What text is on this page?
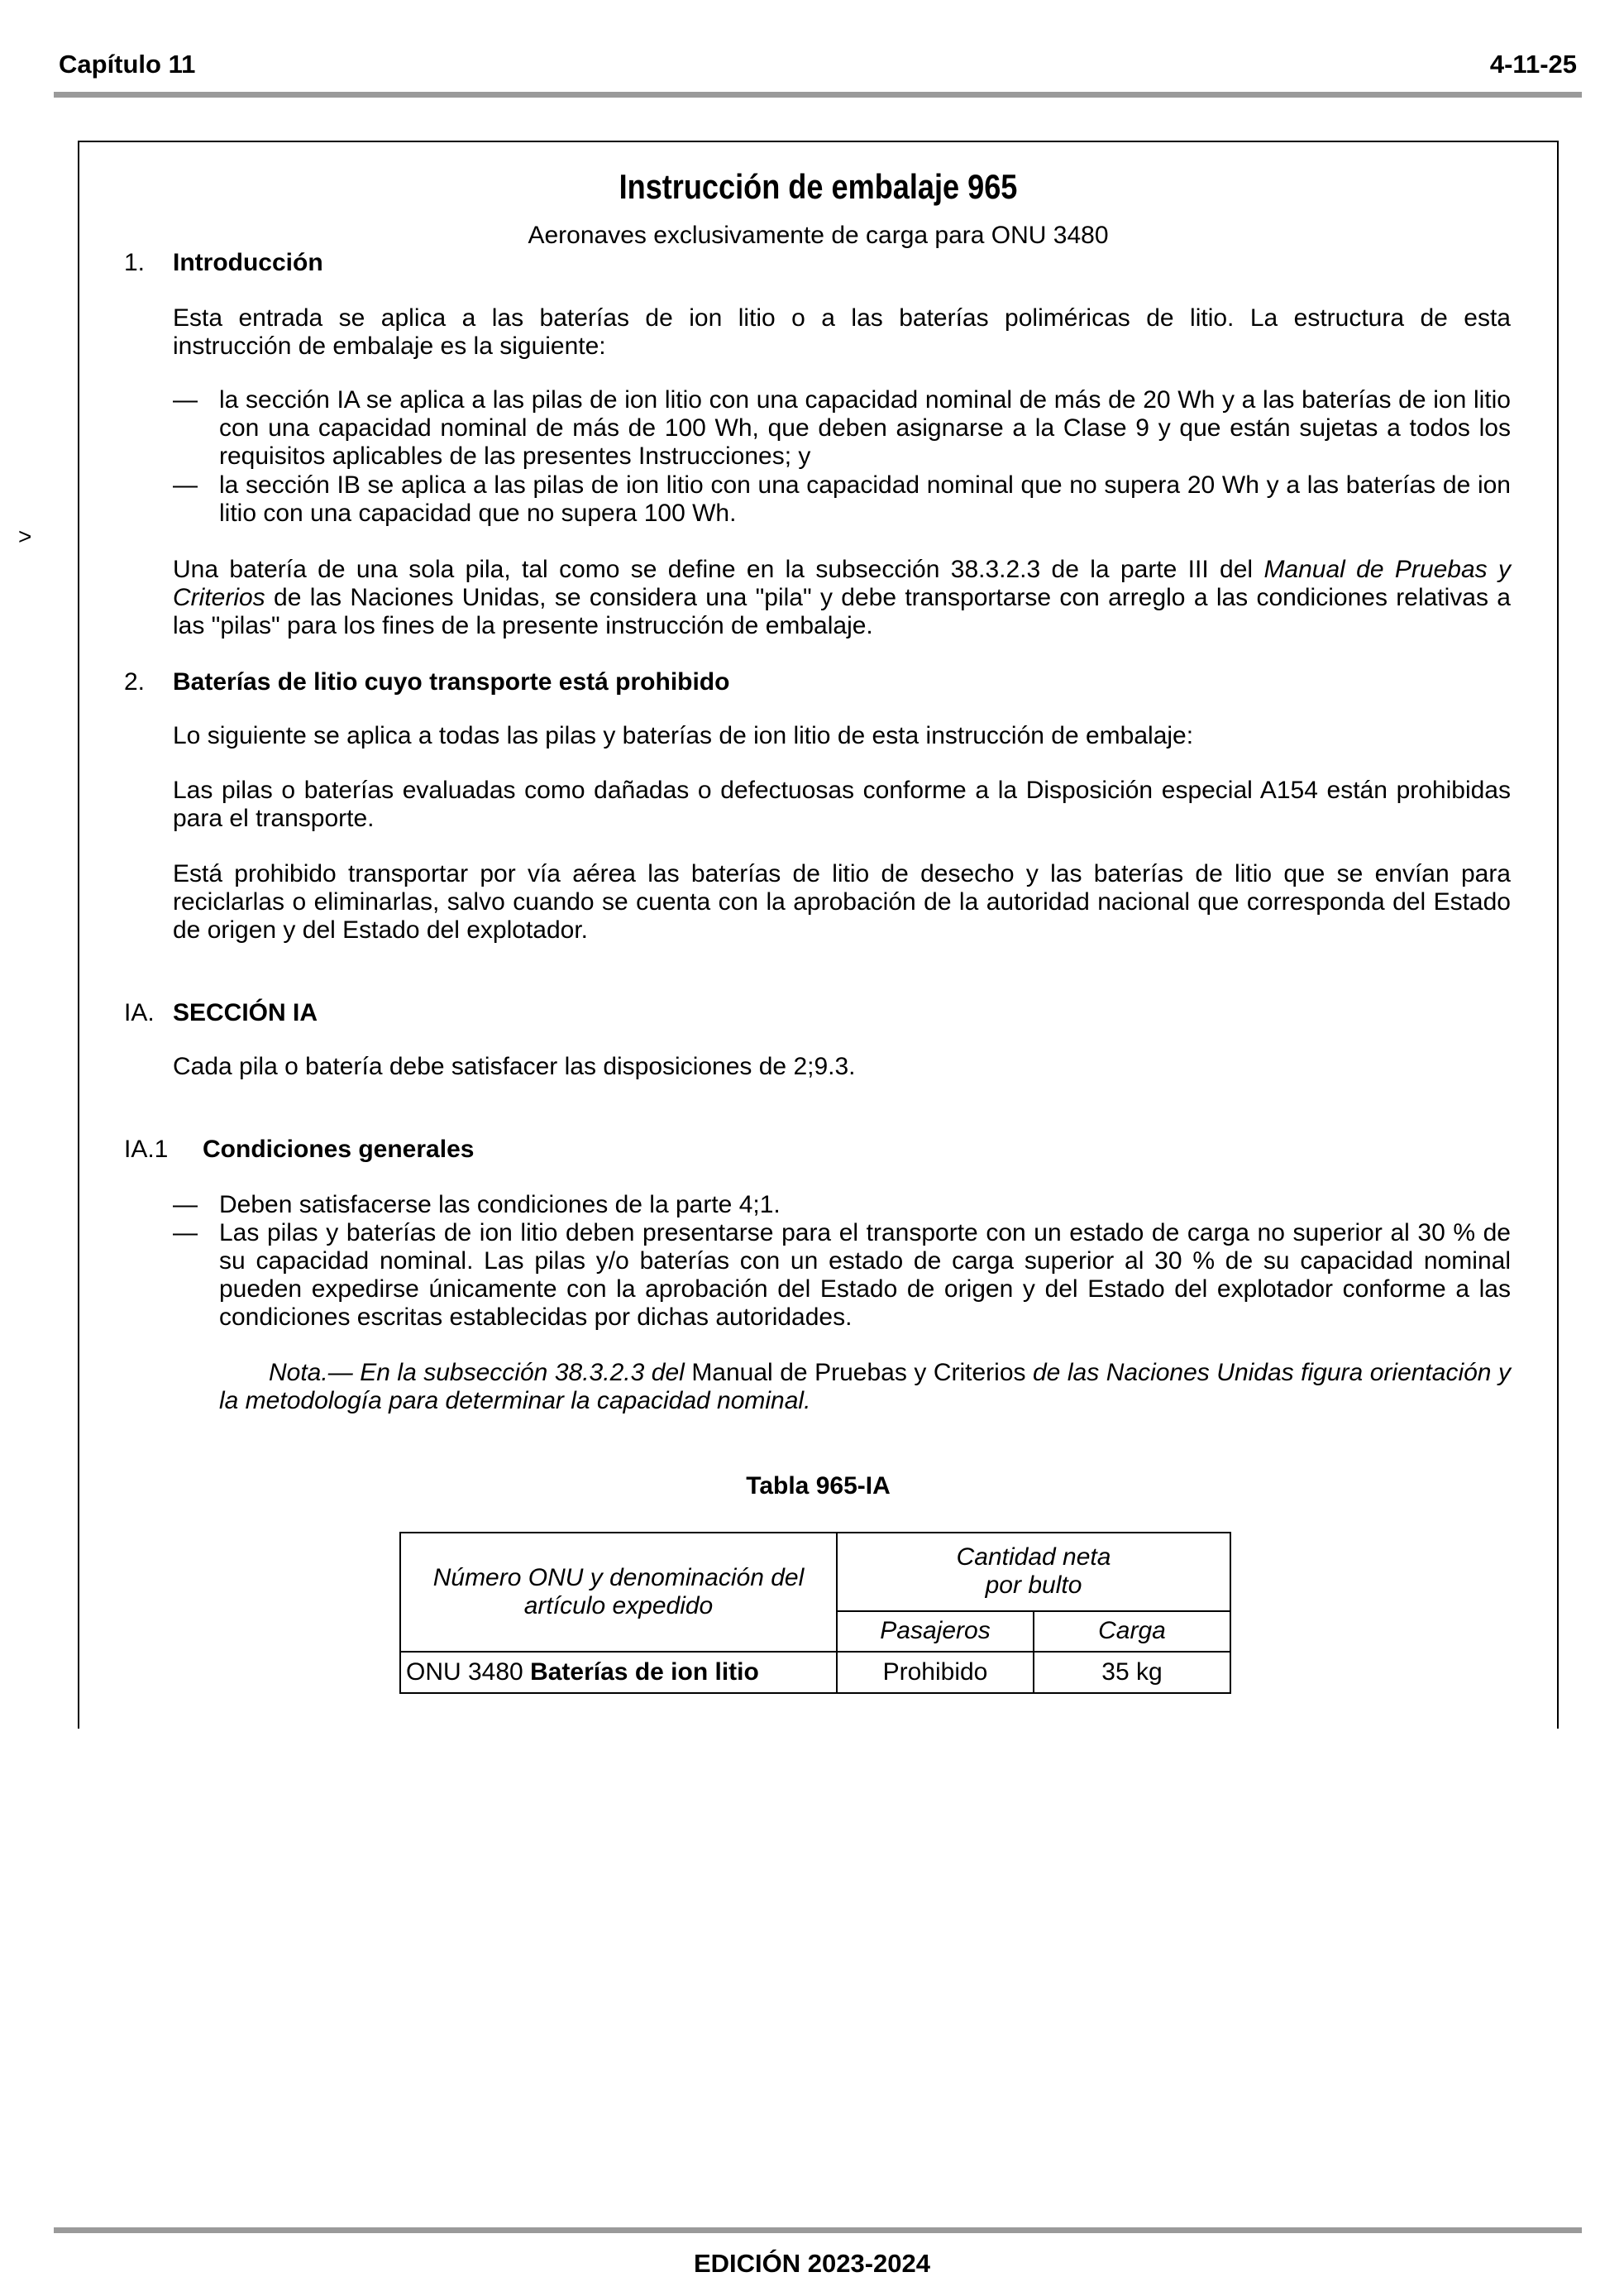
Capítulo 11	4-11-25
>
Instrucción de embalaje 965
Aeronaves exclusivamente de carga para ONU 3480
1. Introducción
Esta entrada se aplica a las baterías de ion litio o a las baterías poliméricas de litio. La estructura de esta
instrucción de embalaje es la siguiente:
— la sección IA se aplica a las pilas de ion litio con una capacidad nominal de más de 20 Wh y a las baterías de ion litio con una capacidad nominal de más de 100 Wh, que deben asignarse a la Clase 9 y que están sujetas a todos los requisitos aplicables de las presentes Instrucciones; y
— la sección IB se aplica a las pilas de ion litio con una capacidad nominal que no supera 20 Wh y a las baterías de ion litio con una capacidad que no supera 100 Wh.
Una batería de una sola pila, tal como se define en la subsección 38.3.2.3 de la parte III del Manual de Pruebas y Criterios de las Naciones Unidas, se considera una "pila" y debe transportarse con arreglo a las condiciones relativas a las "pilas" para los fines de la presente instrucción de embalaje.
2. Baterías de litio cuyo transporte está prohibido
Lo siguiente se aplica a todas las pilas y baterías de ion litio de esta instrucción de embalaje:
Las pilas o baterías evaluadas como dañadas o defectuosas conforme a la Disposición especial A154 están prohibidas para el transporte.
Está prohibido transportar por vía aérea las baterías de litio de desecho y las baterías de litio que se envían para reciclarlas o eliminarlas, salvo cuando se cuenta con la aprobación de la autoridad nacional que corresponda del Estado de origen y del Estado del explotador.
IA. SECCIÓN IA
Cada pila o batería debe satisfacer las disposiciones de 2;9.3.
IA.1 Condiciones generales
— Deben satisfacerse las condiciones de la parte 4;1.
— Las pilas y baterías de ion litio deben presentarse para el transporte con un estado de carga no superior al 30 % de su capacidad nominal. Las pilas y/o baterías con un estado de carga superior al 30 % de su capacidad nominal pueden expedirse únicamente con la aprobación del Estado de origen y del Estado del explotador conforme a las condiciones escritas establecidas por dichas autoridades.
Nota.— En la subsección 38.3.2.3 del Manual de Pruebas y Criterios de las Naciones Unidas figura orientación y la metodología para determinar la capacidad nominal.
Tabla 965-IA
Número ONU y denominación del artículo expedido	Cantidad neta
por bulto	
	Pasajeros	Carga
ONU 3480 Baterías de ion litio	Prohibido	35 kg
EDICIÓN 2023-2024
